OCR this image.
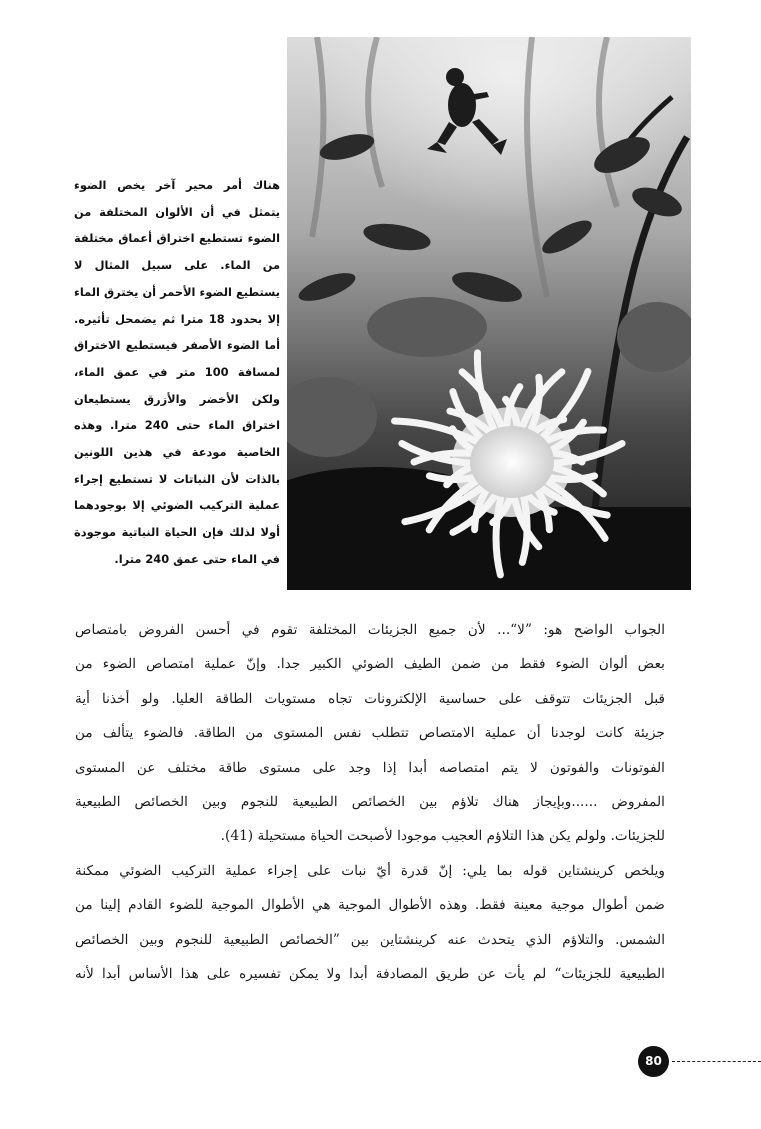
هناك أمر محير آخر يخص الضوء يتمثل في أن الألوان المختلفة من الضوء تستطيع اختراق أعماق مختلفة من الماء. على سبيل المثال لا يستطيع الضوء الأحمر أن يخترق الماء إلا بحدود 18 مترا ثم يضمحل تأثيره. أما الضوء الأصفر فيستطيع الاختراق لمسافة 100 متر في عمق الماء، ولكن الأخضر والأزرق يستطيعان اختراق الماء حتى 240 مترا. وهذه الخاصية مودعة في هذين اللونين بالذات لأن النباتات لا تستطيع إجراء عملية التركيب الضوئي إلا بوجودهما أولا لذلك فإن الحياة النباتية موجودة في الماء حتى عمق 240 مترا.
الجواب الواضح هو: ”لا“... لأن جميع الجزيئات المختلفة تقوم في أحسن الفروض بامتصاص
بعض ألوان الضوء فقط من ضمن الطيف الضوئي الكبير جدا. وإنّ عملية امتصاص الضوء من
قبل الجزيئات تتوقف على حساسية الإلكترونات تجاه مستويات الطاقة العليا. ولو أخذنا أية
جزيئة كانت لوجدنا أن عملية الامتصاص تتطلب نفس المستوى من الطاقة. فالضوء يتألف من
الفوتونات والفوتون لا يتم امتصاصه أبدا إذا وجد على مستوى طاقة مختلف عن المستوى
المفروض ......وبإيجاز هناك تلاؤم بين الخصائص الطبيعية للنجوم وبين الخصائص الطبيعية
للجزيئات. ولولم يكن هذا التلاؤم العجيب موجودا لأصبحت الحياة مستحيلة (41).
ويلخص كرينشتاين قوله بما يلي: إنّ قدرة أيّ نبات على إجراء عملية التركيب الضوئي ممكنة
ضمن أطوال موجية معينة فقط. وهذه الأطوال الموجية هي الأطوال الموجية للضوء القادم إلينا من
الشمس. والتلاؤم الذي يتحدث عنه كرينشتاين بين ”الخصائص الطبيعية للنجوم وبين الخصائص
الطبيعية للجزيئات“ لم يأت عن طريق المصادفة أبدا ولا يمكن تفسيره على هذا الأساس أبدا لأنه
80
